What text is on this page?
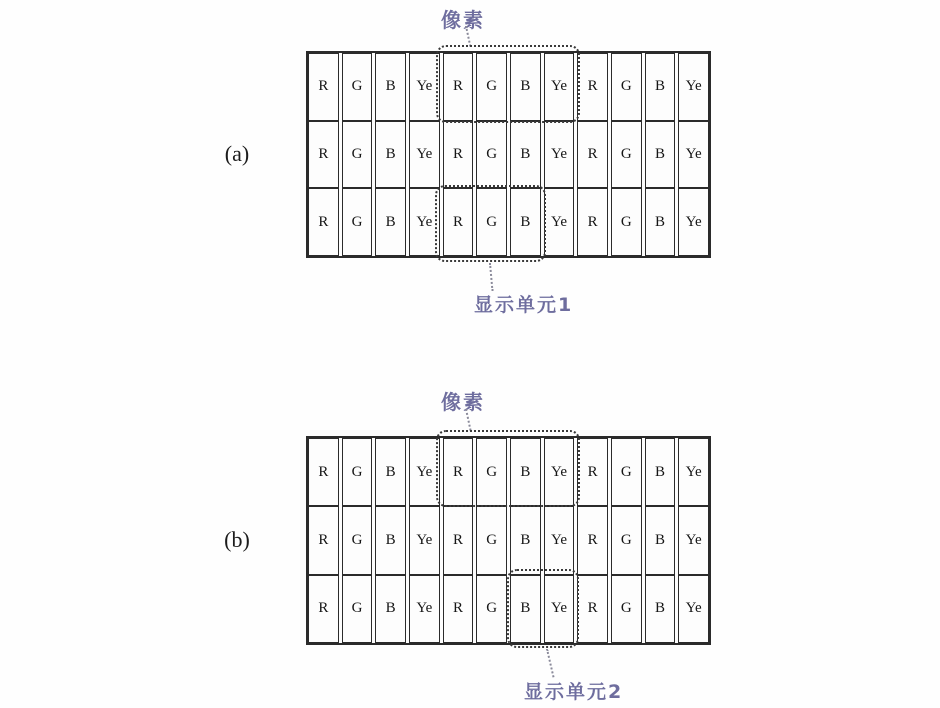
(a)
像素
R	G	B	Ye	R	G	B	Ye	R	G	B	Ye
R	G	B	Ye	R	G	B	Ye	R	G	B	Ye
R	G	B	Ye	R	G	B	Ye	R	G	B	Ye
显示单元1
(b)
像素
R	G	B	Ye	R	G	B	Ye	R	G	B	Ye
R	G	B	Ye	R	G	B	Ye	R	G	B	Ye
R	G	B	Ye	R	G	B	Ye	R	G	B	Ye
显示单元2
